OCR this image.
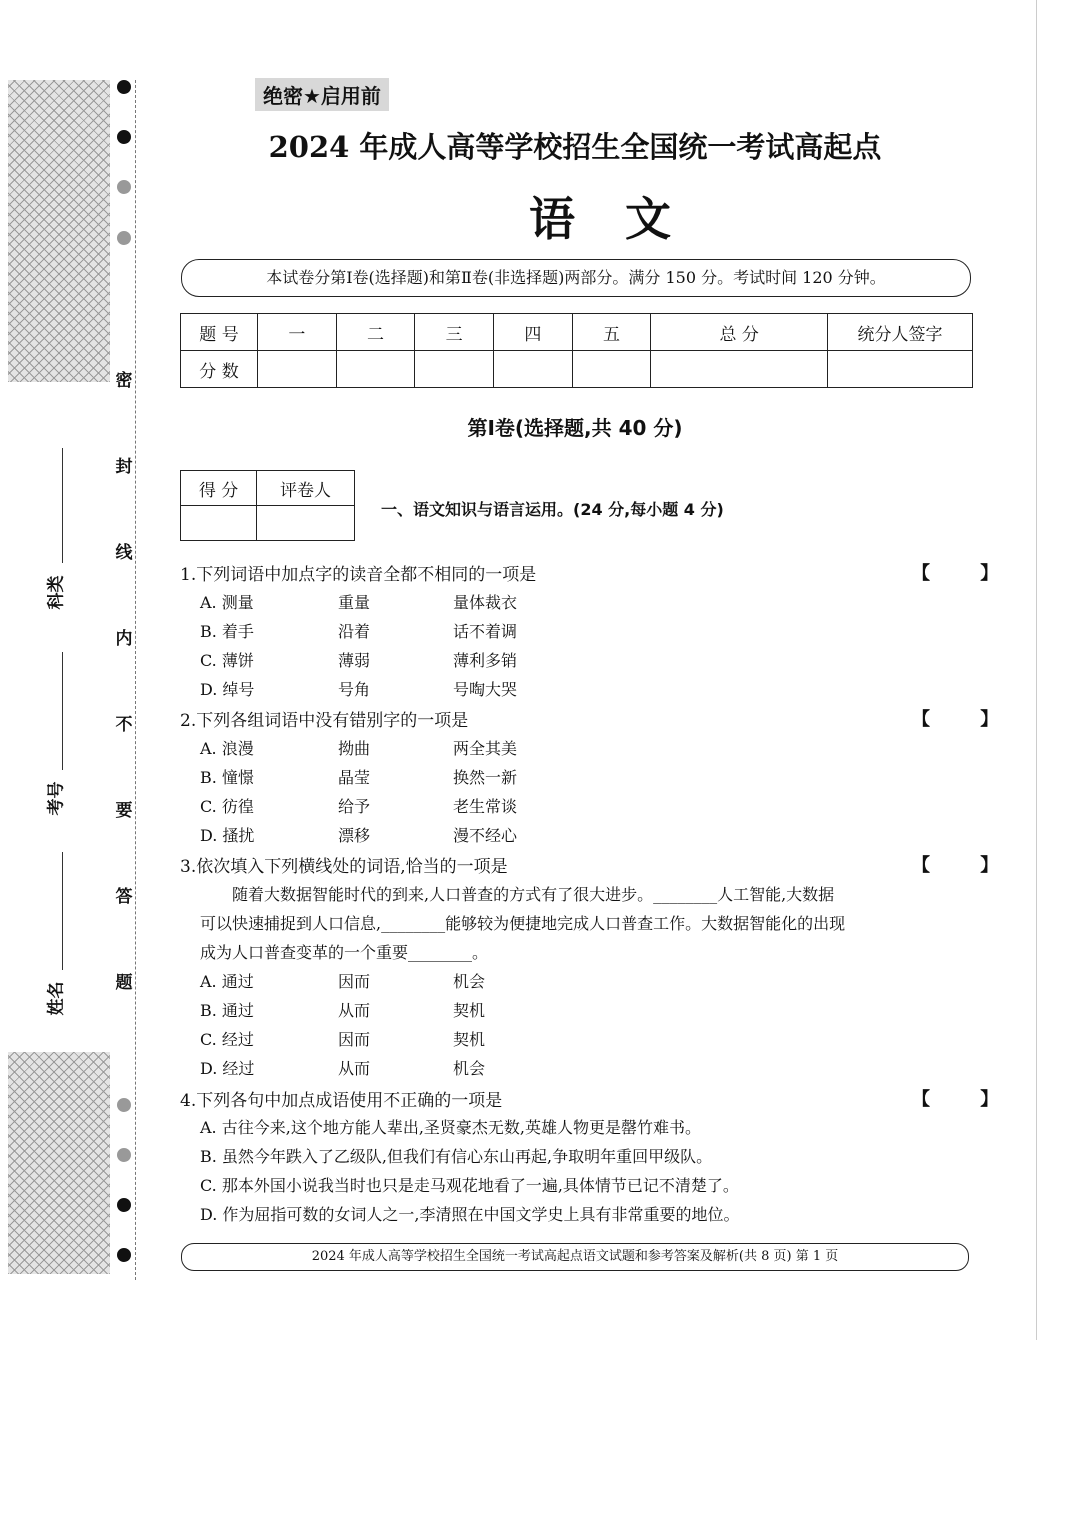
密
封
线
内
不
要
答
题
科类
考号
姓名
绝密★启用前
2024 年成人高等学校招生全国统一考试高起点
语文
本试卷分第Ⅰ卷(选择题)和第Ⅱ卷(非选择题)两部分。满分 150 分。考试时间 120 分钟。
题 号	一	二	三	四	五	总 分	统分人签字
分 数							
第Ⅰ卷(选择题,共 40 分)
得 分	评卷人

一、语文知识与语言运用。(24 分,每小题 4 分)
1.下列词语中加点字的读音全都不相同的一项是	【 】
A. 测量	重量	量体裁衣
B. 着手	沿着	话不着调
C. 薄饼	薄弱	薄利多销
D. 绰号	号角	号啕大哭
2.下列各组词语中没有错别字的一项是	【 】
A. 浪漫	拗曲	两全其美
B. 憧憬	晶莹	换然一新
C. 彷徨	给予	老生常谈
D. 搔扰	漂移	漫不经心
3.依次填入下列横线处的词语,恰当的一项是	【 】
随着大数据智能时代的到来,人口普查的方式有了很大进步。________人工智能,大数据
可以快速捕捉到人口信息,________能够较为便捷地完成人口普查工作。大数据智能化的出现
成为人口普查变革的一个重要________。
A. 通过	因而	机会
B. 通过	从而	契机
C. 经过	因而	契机
D. 经过	从而	机会
4.下列各句中加点成语使用不正确的一项是	【 】
A. 古往今来,这个地方能人辈出,圣贤豪杰无数,英雄人物更是罄竹难书。
B. 虽然今年跌入了乙级队,但我们有信心东山再起,争取明年重回甲级队。
C. 那本外国小说我当时也只是走马观花地看了一遍,具体情节已记不清楚了。
D. 作为屈指可数的女词人之一,李清照在中国文学史上具有非常重要的地位。
2024 年成人高等学校招生全国统一考试高起点语文试题和参考答案及解析(共 8 页) 第 1 页
